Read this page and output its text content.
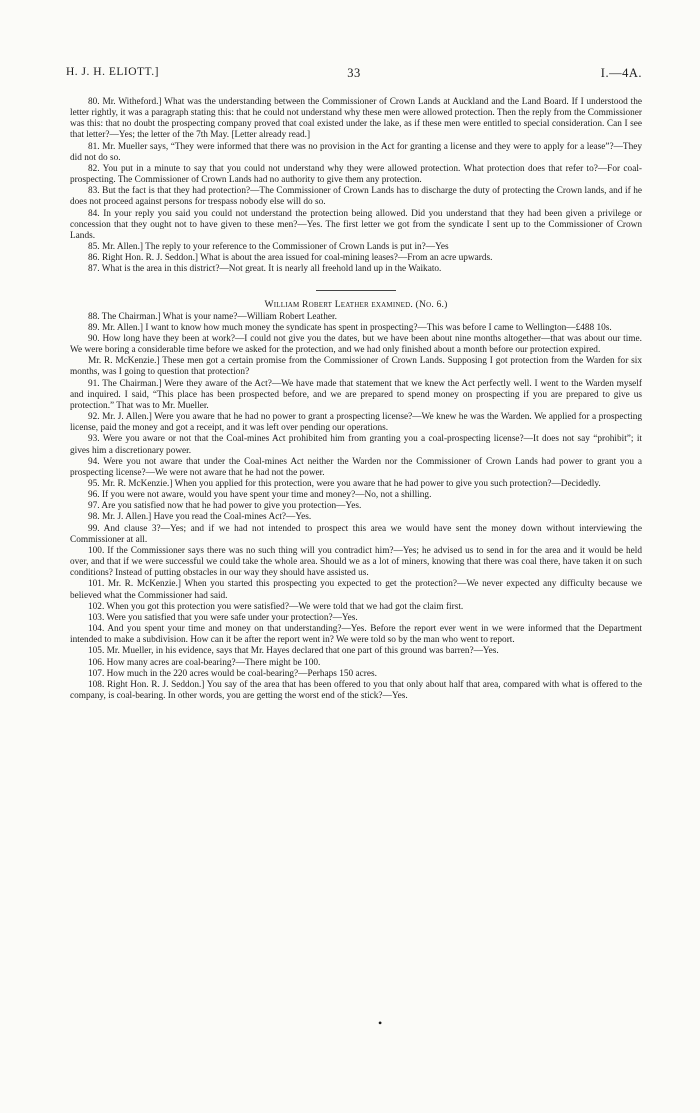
H. J. H. ELIOTT.]	33	I.—4A.

80. Mr. Witheford.] What was the understanding between the Commissioner of Crown Lands at Auckland and the Land Board. If I understood the letter rightly, it was a paragraph stating this: that he could not understand why these men were allowed protection. Then the reply from the Commissioner was this: that no doubt the prospecting company proved that coal existed under the lake, as if these men were entitled to special consideration. Can I see that letter?—Yes; the letter of the 7th May. [Letter already read.]

81. Mr. Mueller says, “They were informed that there was no provision in the Act for granting a license and they were to apply for a lease”?—They did not do so.

82. You put in a minute to say that you could not understand why they were allowed protection. What protection does that refer to?—For coal-prospecting. The Commissioner of Crown Lands had no authority to give them any protection.

83. But the fact is that they had protection?—The Commissioner of Crown Lands has to discharge the duty of protecting the Crown lands, and if he does not proceed against persons for trespass nobody else will do so.

84. In your reply you said you could not understand the protection being allowed. Did you understand that they had been given a privilege or concession that they ought not to have given to these men?—Yes. The first letter we got from the syndicate I sent up to the Commissioner of Crown Lands.

85. Mr. Allen.] The reply to your reference to the Commissioner of Crown Lands is put in?—Yes

86. Right Hon. R. J. Seddon.] What is about the area issued for coal-mining leases?—From an acre upwards.

87. What is the area in this district?—Not great. It is nearly all freehold land up in the Waikato.

William Robert Leather examined. (No. 6.)

88. The Chairman.] What is your name?—William Robert Leather.

89. Mr. Allen.] I want to know how much money the syndicate has spent in prospecting?—This was before I came to Wellington—£488 10s.

90. How long have they been at work?—I could not give you the dates, but we have been about nine months altogether—that was about our time. We were boring a considerable time before we asked for the protection, and we had only finished about a month before our protection expired.

Mr. R. McKenzie.] These men got a certain promise from the Commissioner of Crown Lands. Supposing I got protection from the Warden for six months, was I going to question that protection?

91. The Chairman.] Were they aware of the Act?—We have made that statement that we knew the Act perfectly well. I went to the Warden myself and inquired. I said, “This place has been prospected before, and we are prepared to spend money on prospecting if you are prepared to give us protection.” That was to Mr. Mueller.

92. Mr. J. Allen.] Were you aware that he had no power to grant a prospecting license?—We knew he was the Warden. We applied for a prospecting license, paid the money and got a receipt, and it was left over pending our operations.

93. Were you aware or not that the Coal-mines Act prohibited him from granting you a coal-prospecting license?—It does not say “prohibit”; it gives him a discretionary power.

94. Were you not aware that under the Coal-mines Act neither the Warden nor the Commissioner of Crown Lands had power to grant you a prospecting license?—We were not aware that he had not the power.

95. Mr. R. McKenzie.] When you applied for this protection, were you aware that he had power to give you such protection?—Decidedly.

96. If you were not aware, would you have spent your time and money?—No, not a shilling.

97. Are you satisfied now that he had power to give you protection—Yes.

98. Mr. J. Allen.] Have you read the Coal-mines Act?—Yes.

99. And clause 3?—Yes; and if we had not intended to prospect this area we would have sent the money down without interviewing the Commissioner at all.

100. If the Commissioner says there was no such thing will you contradict him?—Yes; he advised us to send in for the area and it would be held over, and that if we were successful we could take the whole area. Should we as a lot of miners, knowing that there was coal there, have taken it on such conditions? Instead of putting obstacles in our way they should have assisted us.

101. Mr. R. McKenzie.] When you started this prospecting you expected to get the protection?—We never expected any difficulty because we believed what the Commissioner had said.

102. When you got this protection you were satisfied?—We were told that we had got the claim first.

103. Were you satisfied that you were safe under your protection?—Yes.

104. And you spent your time and money on that understanding?—Yes. Before the report ever went in we were informed that the Department intended to make a subdivision. How can it be after the report went in? We were told so by the man who went to report.

105. Mr. Mueller, in his evidence, says that Mr. Hayes declared that one part of this ground was barren?—Yes.

106. How many acres are coal-bearing?—There might be 100.

107. How much in the 220 acres would be coal-bearing?—Perhaps 150 acres.

108. Right Hon. R. J. Seddon.] You say of the area that has been offered to you that only about half that area, compared with what is offered to the company, is coal-bearing. In other words, you are getting the worst end of the stick?—Yes.

•
